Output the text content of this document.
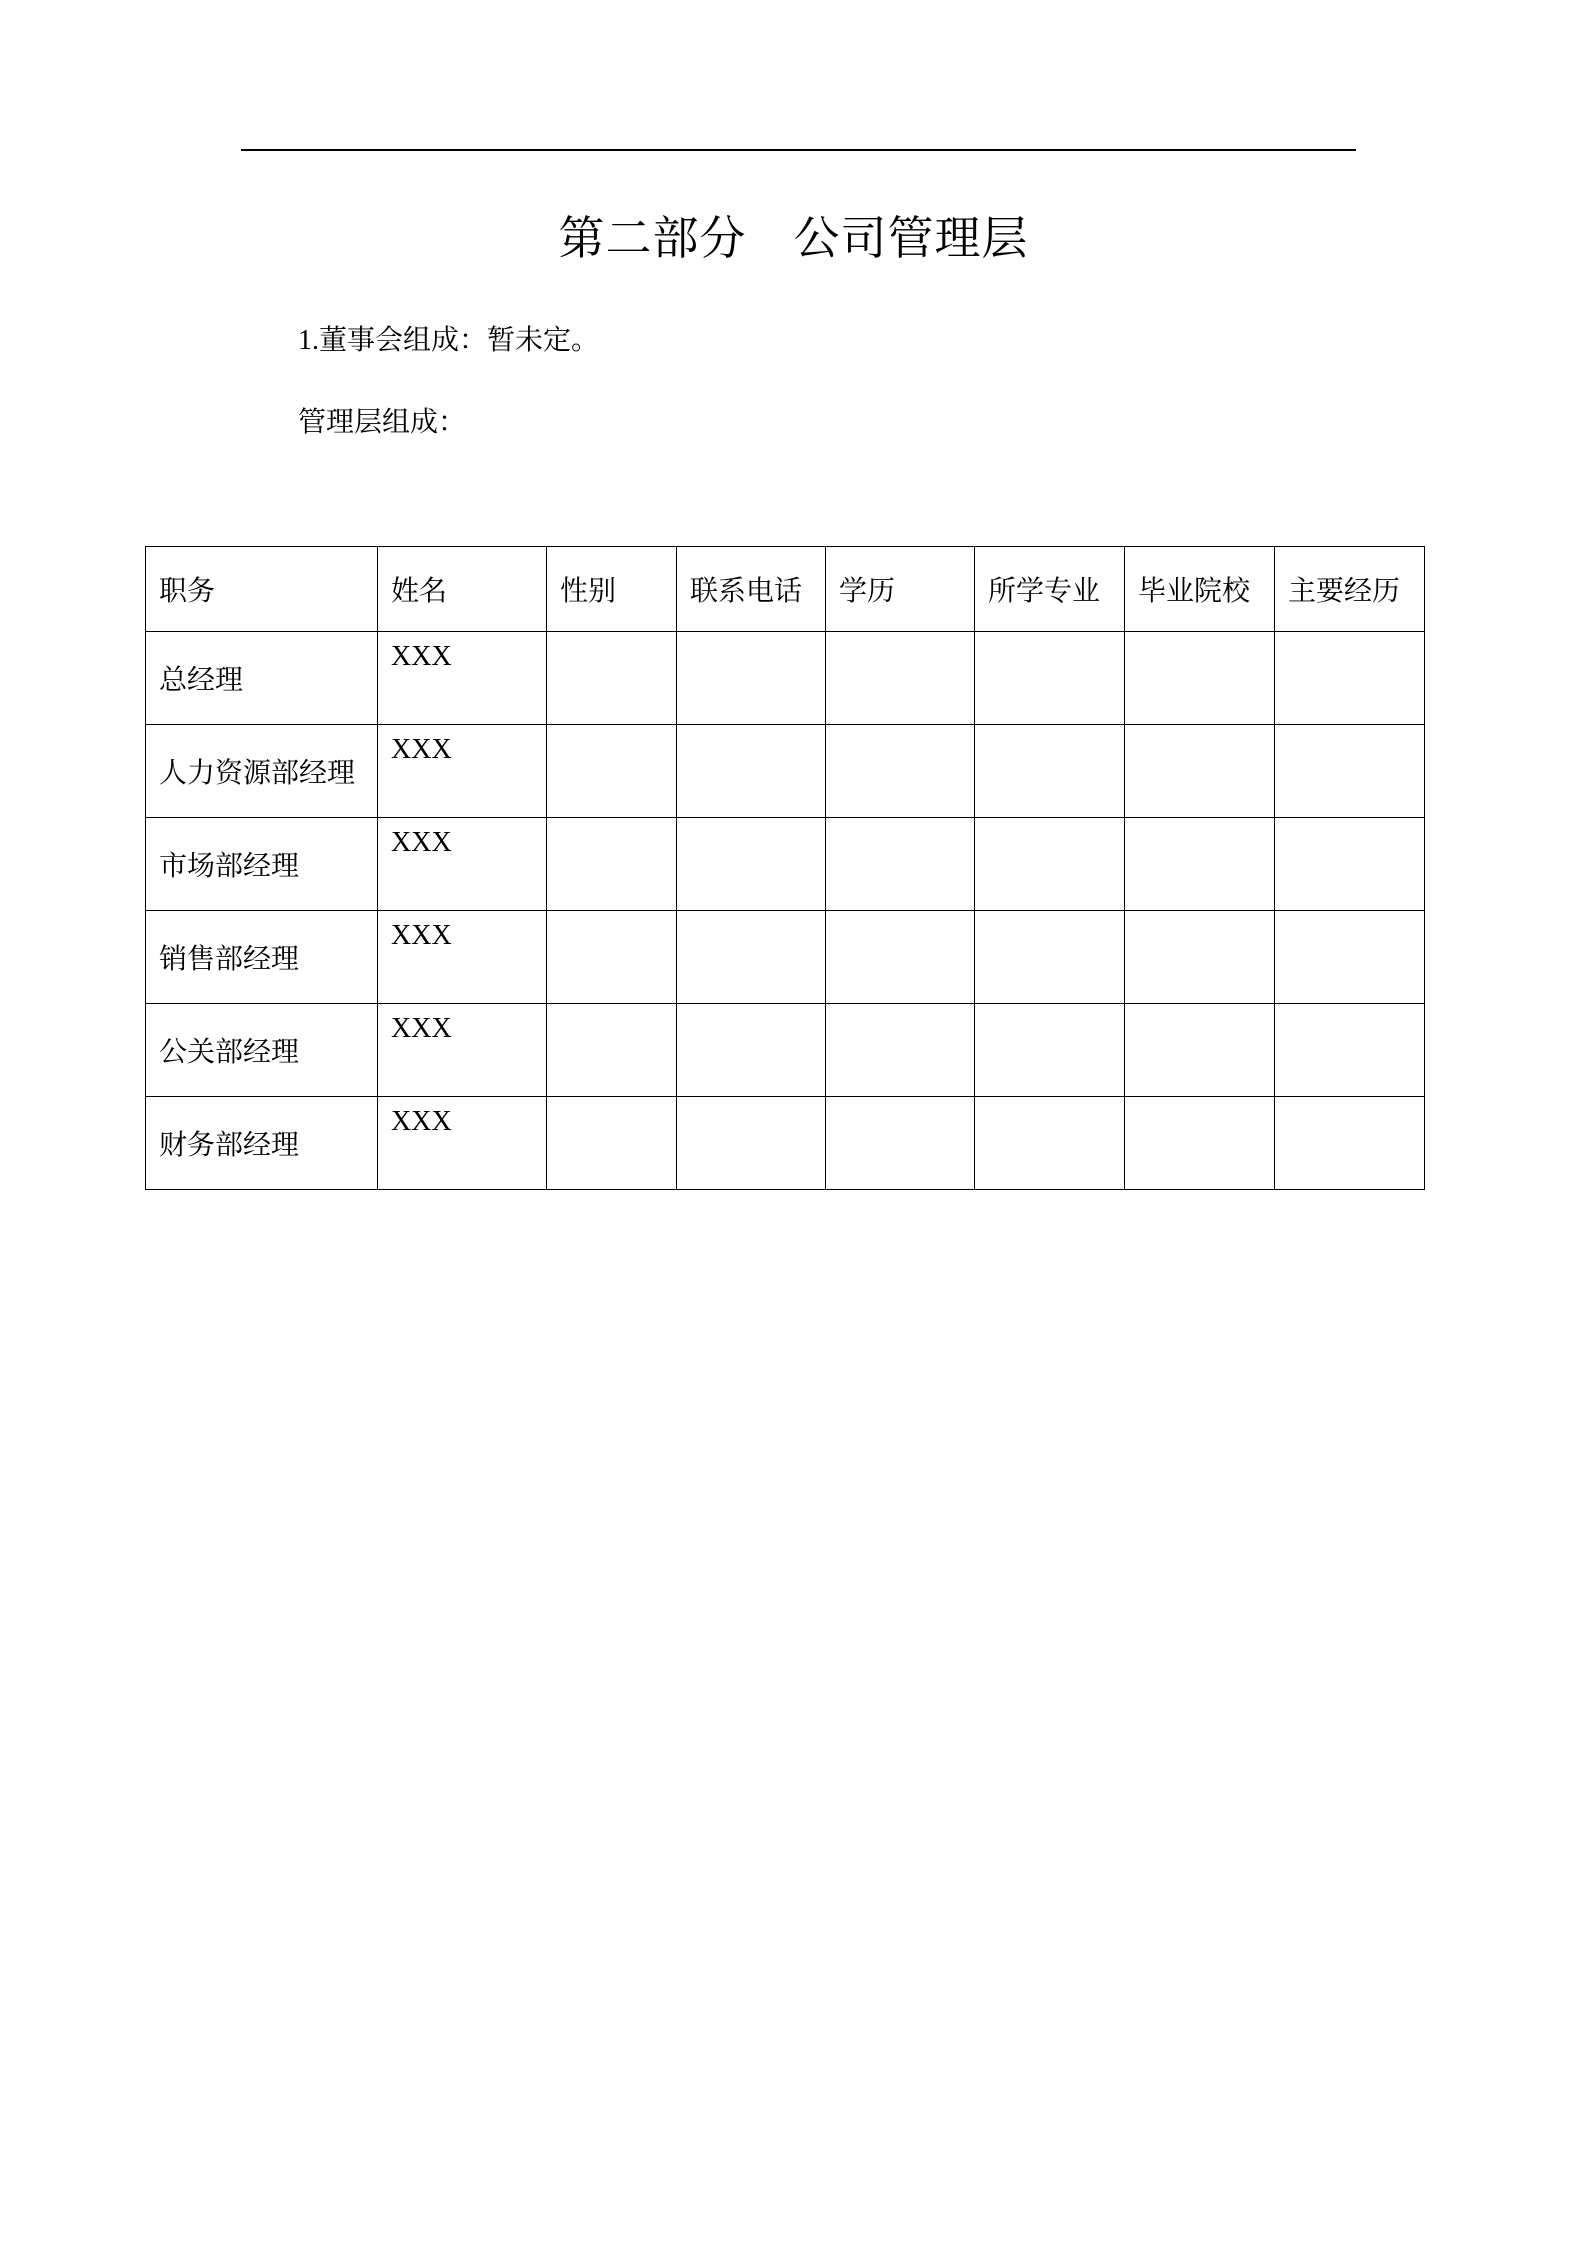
第二部分　公司管理层
1.董事会组成：暂未定。
管理层组成：
职务	姓名	性别	联系电话	学历	所学专业	毕业院校	主要经历
总经理	XXX						
人力资源部经理	XXX						
市场部经理	XXX						
销售部经理	XXX						
公关部经理	XXX						
财务部经理	XXX						
